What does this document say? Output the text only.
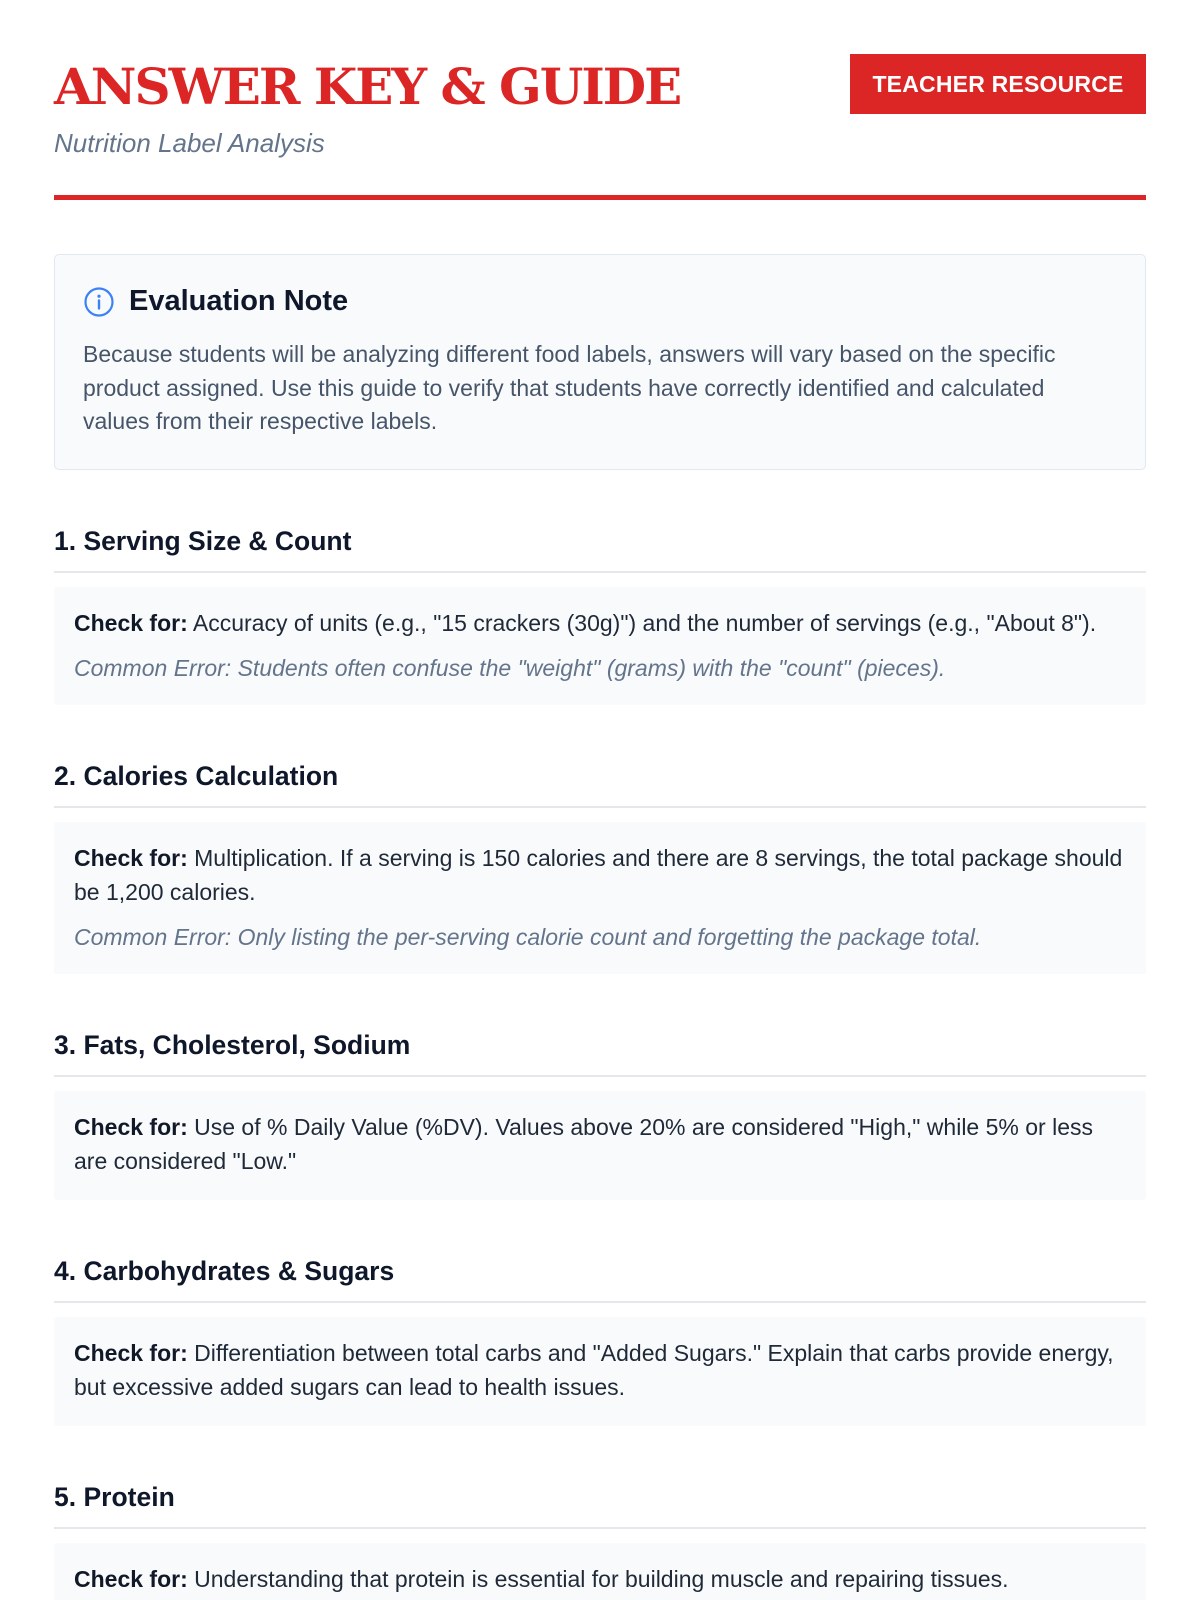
ANSWER KEY & GUIDE
Nutrition Label Analysis
TEACHER RESOURCE
Evaluation Note
Because students will be analyzing different food labels, answers will vary based on the specific product assigned. Use this guide to verify that students have correctly identified and calculated values from their respective labels.
1. Serving Size & Count
Check for: Accuracy of units (e.g., "15 crackers (30g)") and the number of servings (e.g., "About 8").
Common Error: Students often confuse the "weight" (grams) with the "count" (pieces).
2. Calories Calculation
Check for: Multiplication. If a serving is 150 calories and there are 8 servings, the total package should be 1,200 calories.
Common Error: Only listing the per-serving calorie count and forgetting the package total.
3. Fats, Cholesterol, Sodium
Check for: Use of % Daily Value (%DV). Values above 20% are considered "High," while 5% or less are considered "Low."
4. Carbohydrates & Sugars
Check for: Differentiation between total carbs and "Added Sugars." Explain that carbs provide energy, but excessive added sugars can lead to health issues.
5. Protein
Check for: Understanding that protein is essential for building muscle and repairing tissues.
